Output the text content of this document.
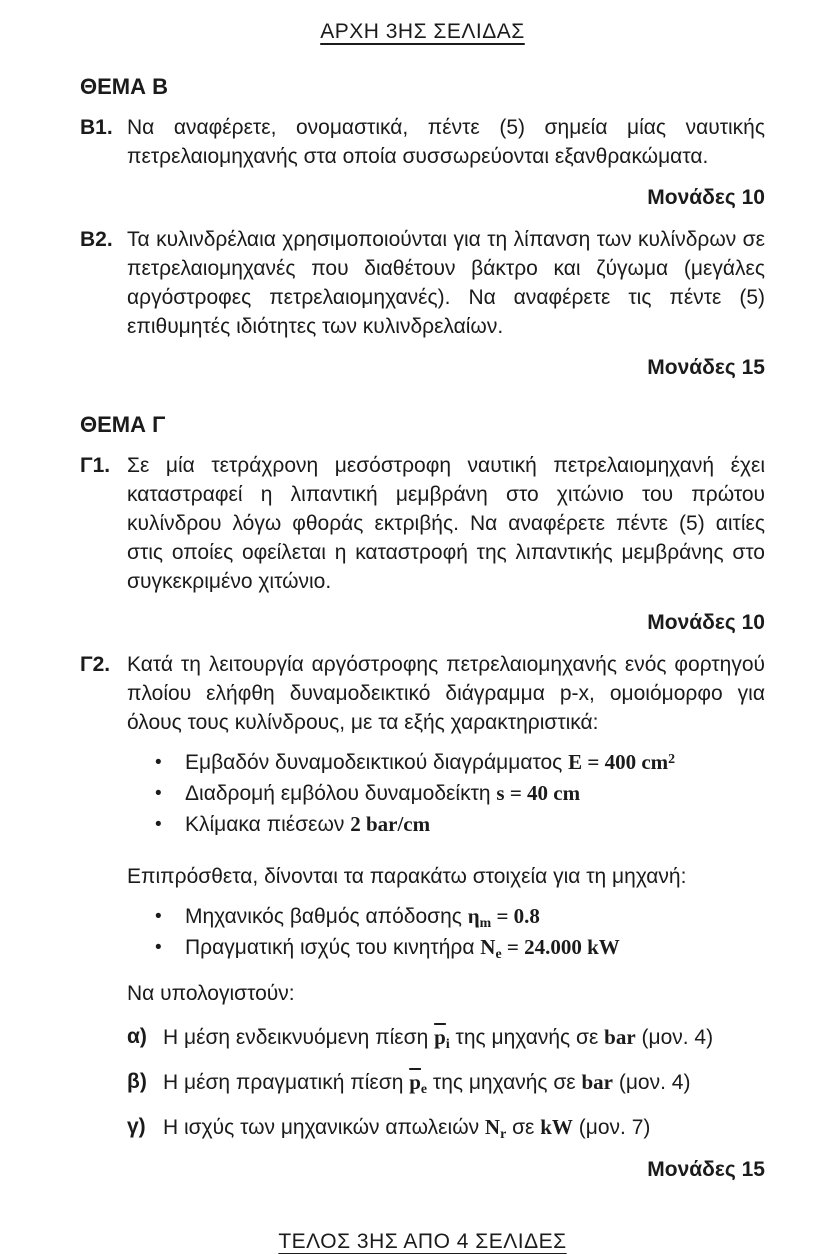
ΑΡΧΗ 3ΗΣ ΣΕΛΙΔΑΣ
ΘΕΜΑ Β
Β1. Να αναφέρετε, ονομαστικά, πέντε (5) σημεία μίας ναυτικής πετρελαιομηχανής στα οποία συσσωρεύονται εξανθρακώματα.
Μονάδες 10
Β2. Τα κυλινδρέλαια χρησιμοποιούνται για τη λίπανση των κυλίνδρων σε πετρελαιομηχανές που διαθέτουν βάκτρο και ζύγωμα (μεγάλες αργόστροφες πετρελαιομηχανές). Να αναφέρετε τις πέντε (5) επιθυμητές ιδιότητες των κυλινδρελαίων.
Μονάδες 15
ΘΕΜΑ Γ
Γ1. Σε μία τετράχρονη μεσόστροφη ναυτική πετρελαιομηχανή έχει καταστραφεί η λιπαντική μεμβράνη στο χιτώνιο του πρώτου κυλίνδρου λόγω φθοράς εκτριβής. Να αναφέρετε πέντε (5) αιτίες στις οποίες οφείλεται η καταστροφή της λιπαντικής μεμβράνης στο συγκεκριμένο χιτώνιο.
Μονάδες 10
Γ2. Κατά τη λειτουργία αργόστροφης πετρελαιομηχανής ενός φορτηγού πλοίου ελήφθη δυναμοδεικτικό διάγραμμα p-x, ομοιόμορφο για όλους τους κυλίνδρους, με τα εξής χαρακτηριστικά:
•	Εμβαδόν δυναμοδεικτικού διαγράμματος E = 400 $cm^2$
•	Διαδρομή εμβόλου δυναμοδείκτη s = 40 cm
•	Κλίμακα πιέσεων 2 bar/cm
Επιπρόσθετα, δίνονται τα παρακάτω στοιχεία για τη μηχανή:
•	Μηχανικός βαθμός απόδοσης $\eta_m = 0.8$
•	Πραγματική ισχύς του κινητήρα $N_e = 24.000$ kW
Να υπολογιστούν:
α) Η μέση ενδεικνυόμενη πίεση $\overline{p}_i$ της μηχανής σε bar (μον. 4)
β) Η μέση πραγματική πίεση $\overline{p}_e$ της μηχανής σε bar (μον. 4)
γ) Η ισχύς των μηχανικών απωλειών $N_r$ σε kW (μον. 7)
Μονάδες 15
ΤΕΛΟΣ 3ΗΣ ΑΠΟ 4 ΣΕΛΙΔΕΣ
